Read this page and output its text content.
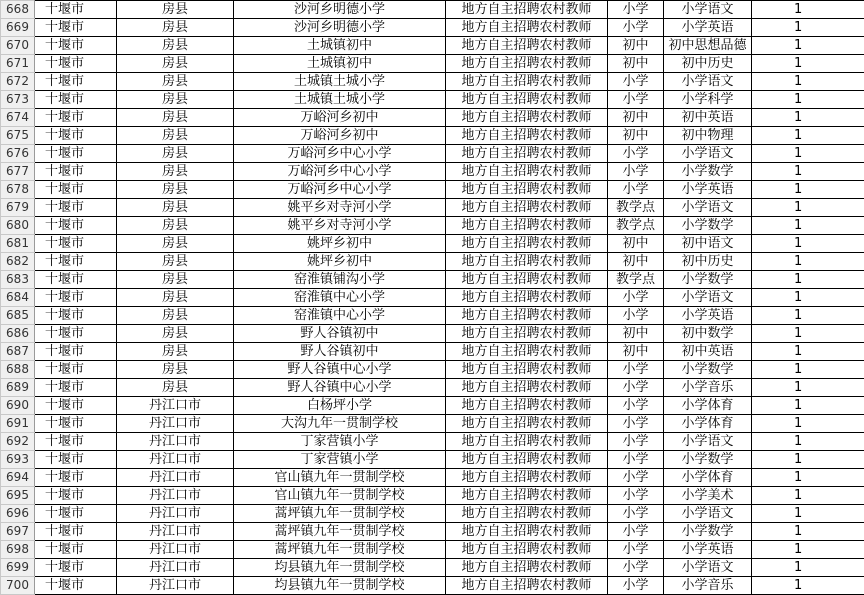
668	十堰市	房县	沙河乡明德小学	地方自主招聘农村教师	小学	小学语文	1
669	十堰市	房县	沙河乡明德小学	地方自主招聘农村教师	小学	小学英语	1
670	十堰市	房县	土城镇初中	地方自主招聘农村教师	初中	初中思想品德	1
671	十堰市	房县	土城镇初中	地方自主招聘农村教师	初中	初中历史	1
672	十堰市	房县	土城镇土城小学	地方自主招聘农村教师	小学	小学语文	1
673	十堰市	房县	土城镇土城小学	地方自主招聘农村教师	小学	小学科学	1
674	十堰市	房县	万峪河乡初中	地方自主招聘农村教师	初中	初中英语	1
675	十堰市	房县	万峪河乡初中	地方自主招聘农村教师	初中	初中物理	1
676	十堰市	房县	万峪河乡中心小学	地方自主招聘农村教师	小学	小学语文	1
677	十堰市	房县	万峪河乡中心小学	地方自主招聘农村教师	小学	小学数学	1
678	十堰市	房县	万峪河乡中心小学	地方自主招聘农村教师	小学	小学英语	1
679	十堰市	房县	姚平乡对寺河小学	地方自主招聘农村教师	教学点	小学语文	1
680	十堰市	房县	姚平乡对寺河小学	地方自主招聘农村教师	教学点	小学数学	1
681	十堰市	房县	姚坪乡初中	地方自主招聘农村教师	初中	初中语文	1
682	十堰市	房县	姚坪乡初中	地方自主招聘农村教师	初中	初中历史	1
683	十堰市	房县	窑淮镇铺沟小学	地方自主招聘农村教师	教学点	小学数学	1
684	十堰市	房县	窑淮镇中心小学	地方自主招聘农村教师	小学	小学语文	1
685	十堰市	房县	窑淮镇中心小学	地方自主招聘农村教师	小学	小学英语	1
686	十堰市	房县	野人谷镇初中	地方自主招聘农村教师	初中	初中数学	1
687	十堰市	房县	野人谷镇初中	地方自主招聘农村教师	初中	初中英语	1
688	十堰市	房县	野人谷镇中心小学	地方自主招聘农村教师	小学	小学数学	1
689	十堰市	房县	野人谷镇中心小学	地方自主招聘农村教师	小学	小学音乐	1
690	十堰市	丹江口市	白杨坪小学	地方自主招聘农村教师	小学	小学体育	1
691	十堰市	丹江口市	大沟九年一贯制学校	地方自主招聘农村教师	小学	小学体育	1
692	十堰市	丹江口市	丁家营镇小学	地方自主招聘农村教师	小学	小学语文	1
693	十堰市	丹江口市	丁家营镇小学	地方自主招聘农村教师	小学	小学数学	1
694	十堰市	丹江口市	官山镇九年一贯制学校	地方自主招聘农村教师	小学	小学体育	1
695	十堰市	丹江口市	官山镇九年一贯制学校	地方自主招聘农村教师	小学	小学美术	1
696	十堰市	丹江口市	蒿坪镇九年一贯制学校	地方自主招聘农村教师	小学	小学语文	1
697	十堰市	丹江口市	蒿坪镇九年一贯制学校	地方自主招聘农村教师	小学	小学数学	1
698	十堰市	丹江口市	蒿坪镇九年一贯制学校	地方自主招聘农村教师	小学	小学英语	1
699	十堰市	丹江口市	均县镇九年一贯制学校	地方自主招聘农村教师	小学	小学语文	1
700	十堰市	丹江口市	均县镇九年一贯制学校	地方自主招聘农村教师	小学	小学音乐	1
